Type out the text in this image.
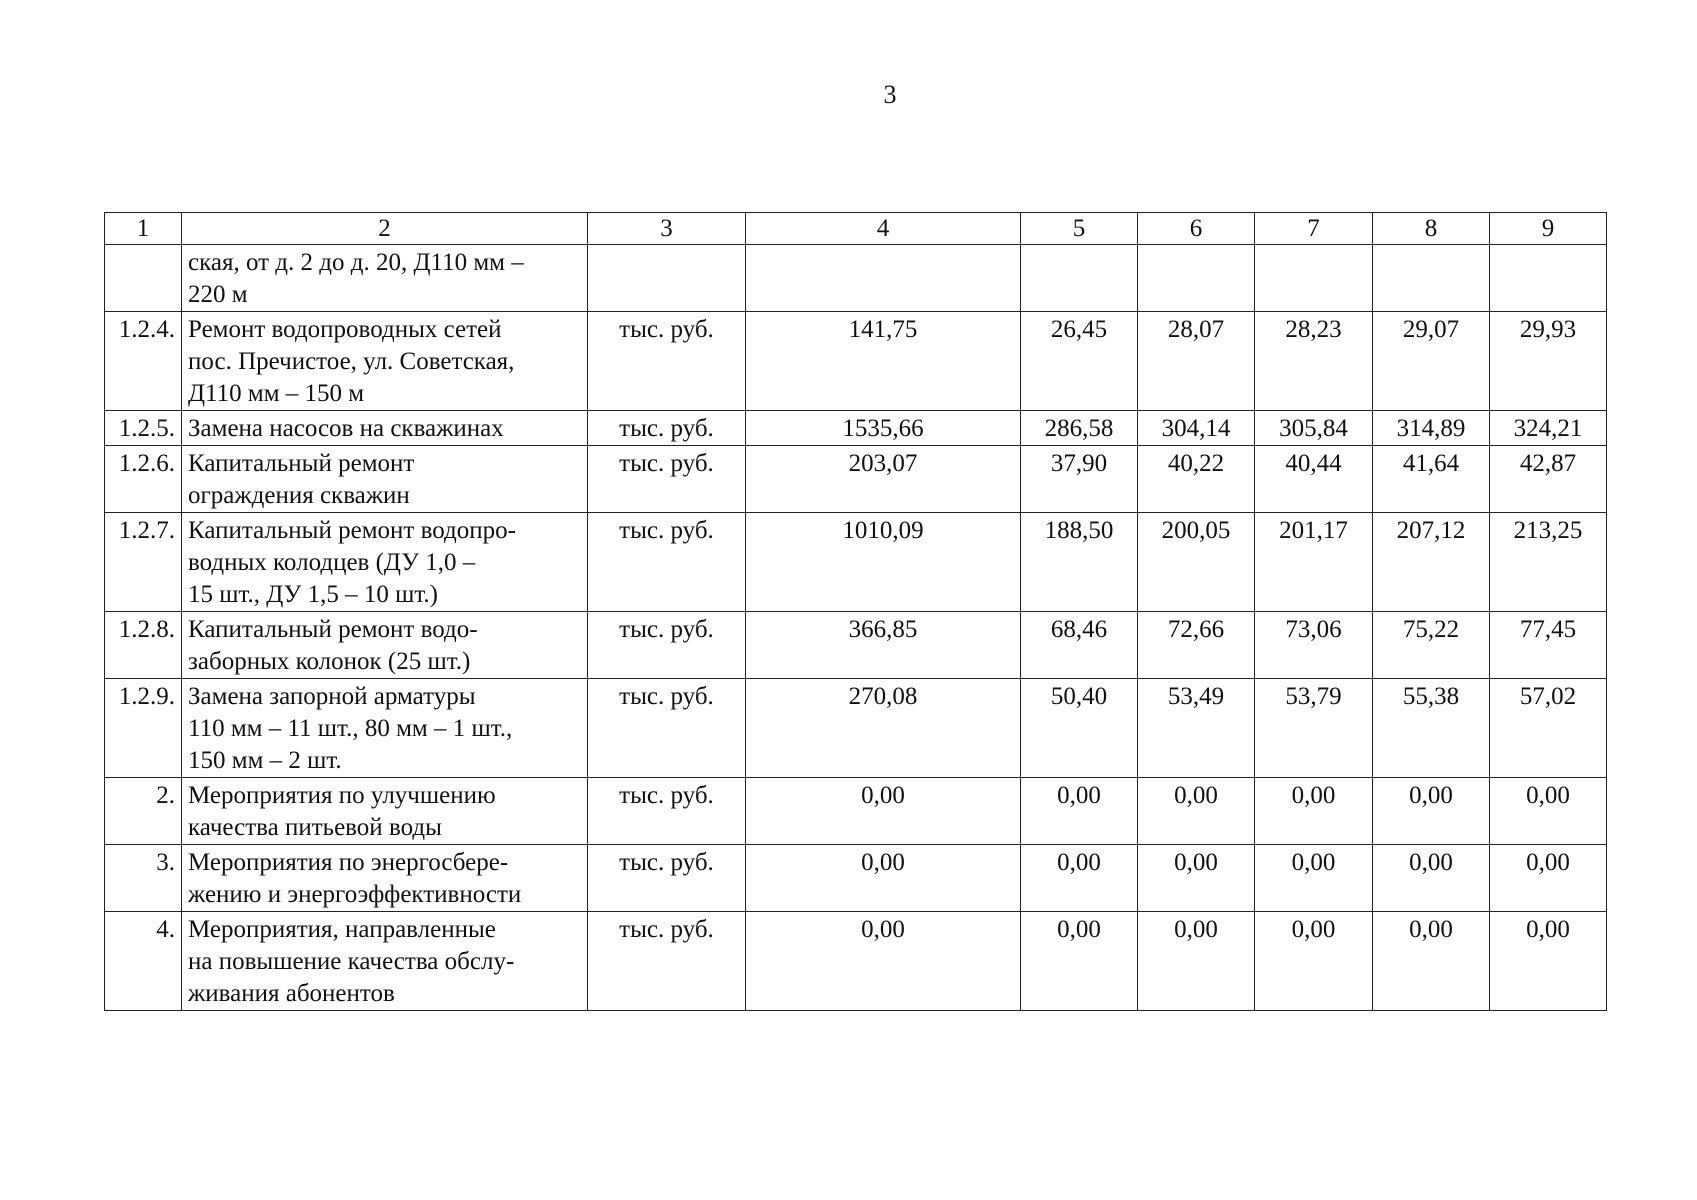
3
1	2	3	4	5	6	7	8	9

	ская, от д. 2 до д. 20, Д110 мм –
220 м							

1.2.4.	Ремонт водопроводных сетей
пос. Пречистое, ул. Советская,
Д110 мм – 150 м	тыс. руб.	141,75	26,45	28,07	28,23	29,07	29,93
1.2.5.	Замена насосов на скважинах	тыс. руб.	1535,66	286,58	304,14	305,84	314,89	324,21
1.2.6.	Капитальный ремонт
ограждения скважин	тыс. руб.	203,07	37,90	40,22	40,44	41,64	42,87
1.2.7.	Капитальный ремонт водопро-
водных колодцев (ДУ 1,0 –
15 шт., ДУ 1,5 – 10 шт.)	тыс. руб.	1010,09	188,50	200,05	201,17	207,12	213,25
1.2.8.	Капитальный ремонт водо-
заборных колонок (25 шт.)	тыс. руб.	366,85	68,46	72,66	73,06	75,22	77,45
1.2.9.	Замена запорной арматуры
110 мм – 11 шт., 80 мм – 1 шт.,
150 мм – 2 шт.	тыс. руб.	270,08	50,40	53,49	53,79	55,38	57,02
2.	Мероприятия по улучшению
качества питьевой воды	тыс. руб.	0,00	0,00	0,00	0,00	0,00	0,00
3.	Мероприятия по энергосбере-
жению и энергоэффективности	тыс. руб.	0,00	0,00	0,00	0,00	0,00	0,00
4.	Мероприятия, направленные
на повышение качества обслу-
живания абонентов	тыс. руб.	0,00	0,00	0,00	0,00	0,00	0,00
